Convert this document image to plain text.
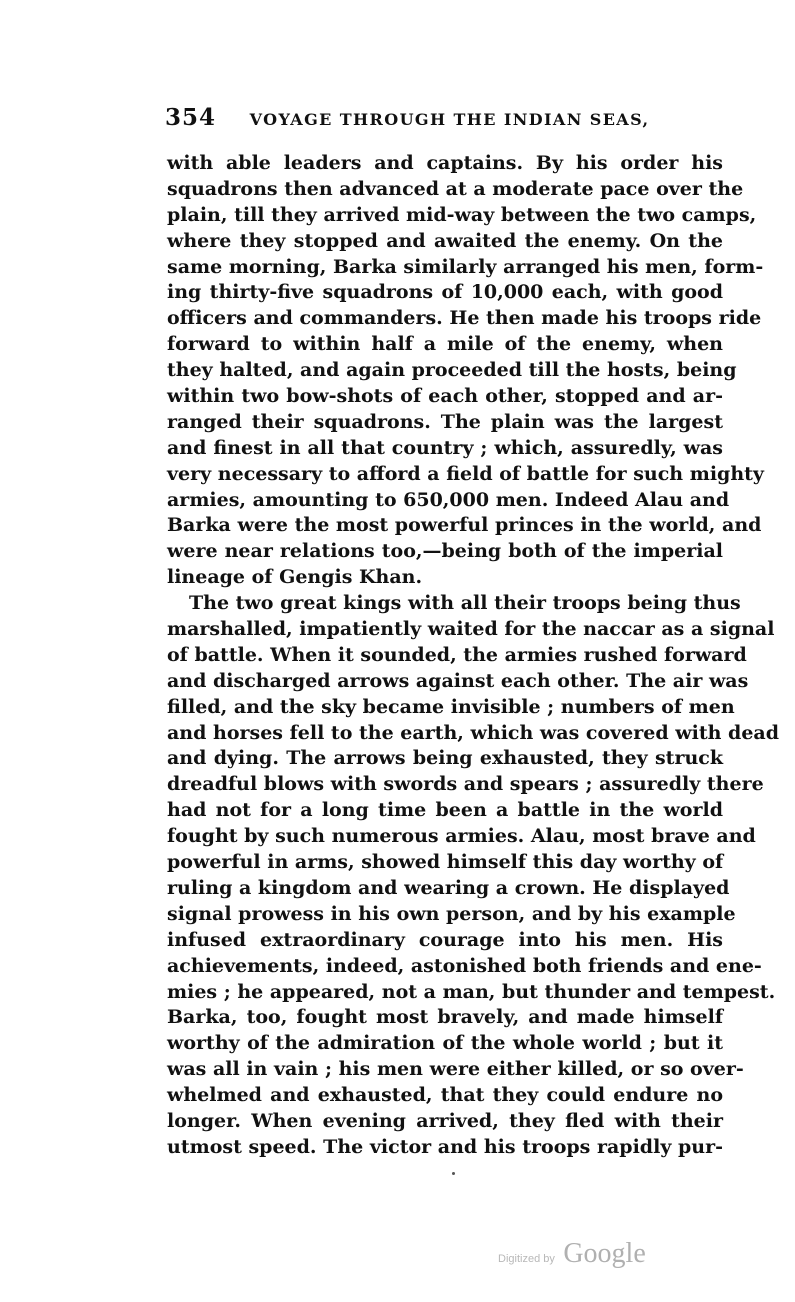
354 VOYAGE THROUGH THE INDIAN SEAS,
with able leaders and captains. By his order his
squadrons then advanced at a moderate pace over the
plain, till they arrived mid-way between the two camps,
where they stopped and awaited the enemy. On the
same morning, Barka similarly arranged his men, form-
ing thirty-five squadrons of 10,000 each, with good
officers and commanders. He then made his troops ride
forward to within half a mile of the enemy, when
they halted, and again proceeded till the hosts, being
within two bow-shots of each other, stopped and ar-
ranged their squadrons. The plain was the largest
and finest in all that country ; which, assuredly, was
very necessary to afford a field of battle for such mighty
armies, amounting to 650,000 men. Indeed Alau and
Barka were the most powerful princes in the world, and
were near relations too,—being both of the imperial
lineage of Gengis Khan.
The two great kings with all their troops being thus
marshalled, impatiently waited for the naccar as a signal
of battle. When it sounded, the armies rushed forward
and discharged arrows against each other. The air was
filled, and the sky became invisible ; numbers of men
and horses fell to the earth, which was covered with dead
and dying. The arrows being exhausted, they struck
dreadful blows with swords and spears ; assuredly there
had not for a long time been a battle in the world
fought by such numerous armies. Alau, most brave and
powerful in arms, showed himself this day worthy of
ruling a kingdom and wearing a crown. He displayed
signal prowess in his own person, and by his example
infused extraordinary courage into his men. His
achievements, indeed, astonished both friends and ene-
mies ; he appeared, not a man, but thunder and tempest.
Barka, too, fought most bravely, and made himself
worthy of the admiration of the whole world ; but it
was all in vain ; his men were either killed, or so over-
whelmed and exhausted, that they could endure no
longer. When evening arrived, they fled with their
utmost speed. The victor and his troops rapidly pur-
Digitized by Google
